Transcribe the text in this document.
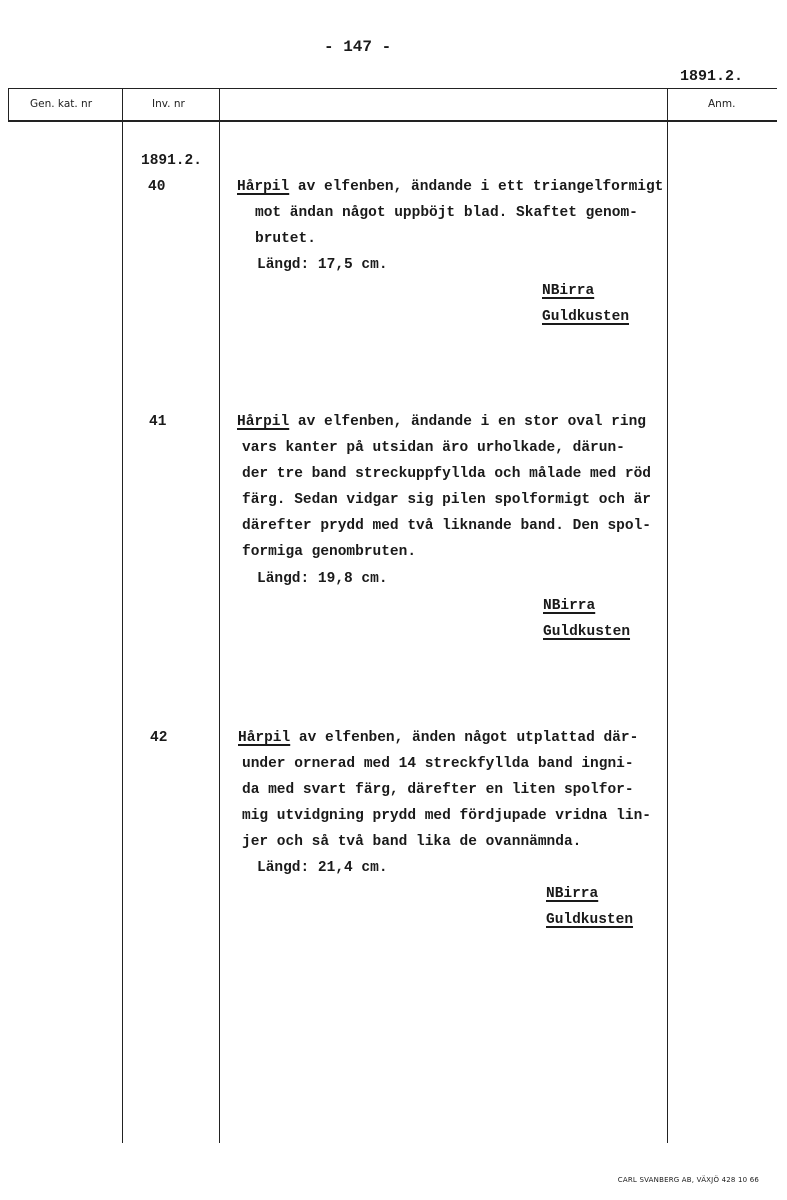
- 147 -
1891.2.
Gen. kat. nr	Inv. nr	Anm.
1891.2.
40	Hårpil av elfenben, ändande i ett triangelformigt
mot ändan något uppböjt blad. Skaftet genom-
brutet.
Längd: 17,5 cm.
NBirra
Guldkusten
41	Hårpil av elfenben, ändande i en stor oval ring
vars kanter på utsidan äro urholkade, därun-
der tre band streckuppfyllda och målade med röd
färg. Sedan vidgar sig pilen spolformigt och är
därefter prydd med två liknande band. Den spol-
formiga genombruten.
Längd: 19,8 cm.
NBirra
Guldkusten
42	Hårpil av elfenben, änden något utplattad där-
under ornerad med 14 streckfyllda band ingni-
da med svart färg, därefter en liten spolfor-
mig utvidgning prydd med fördjupade vridna lin-
jer och så två band lika de ovannämnda.
Längd: 21,4 cm.
NBirra
Guldkusten
CARL SVANBERG AB, VÄXJÖ 428 10 66
